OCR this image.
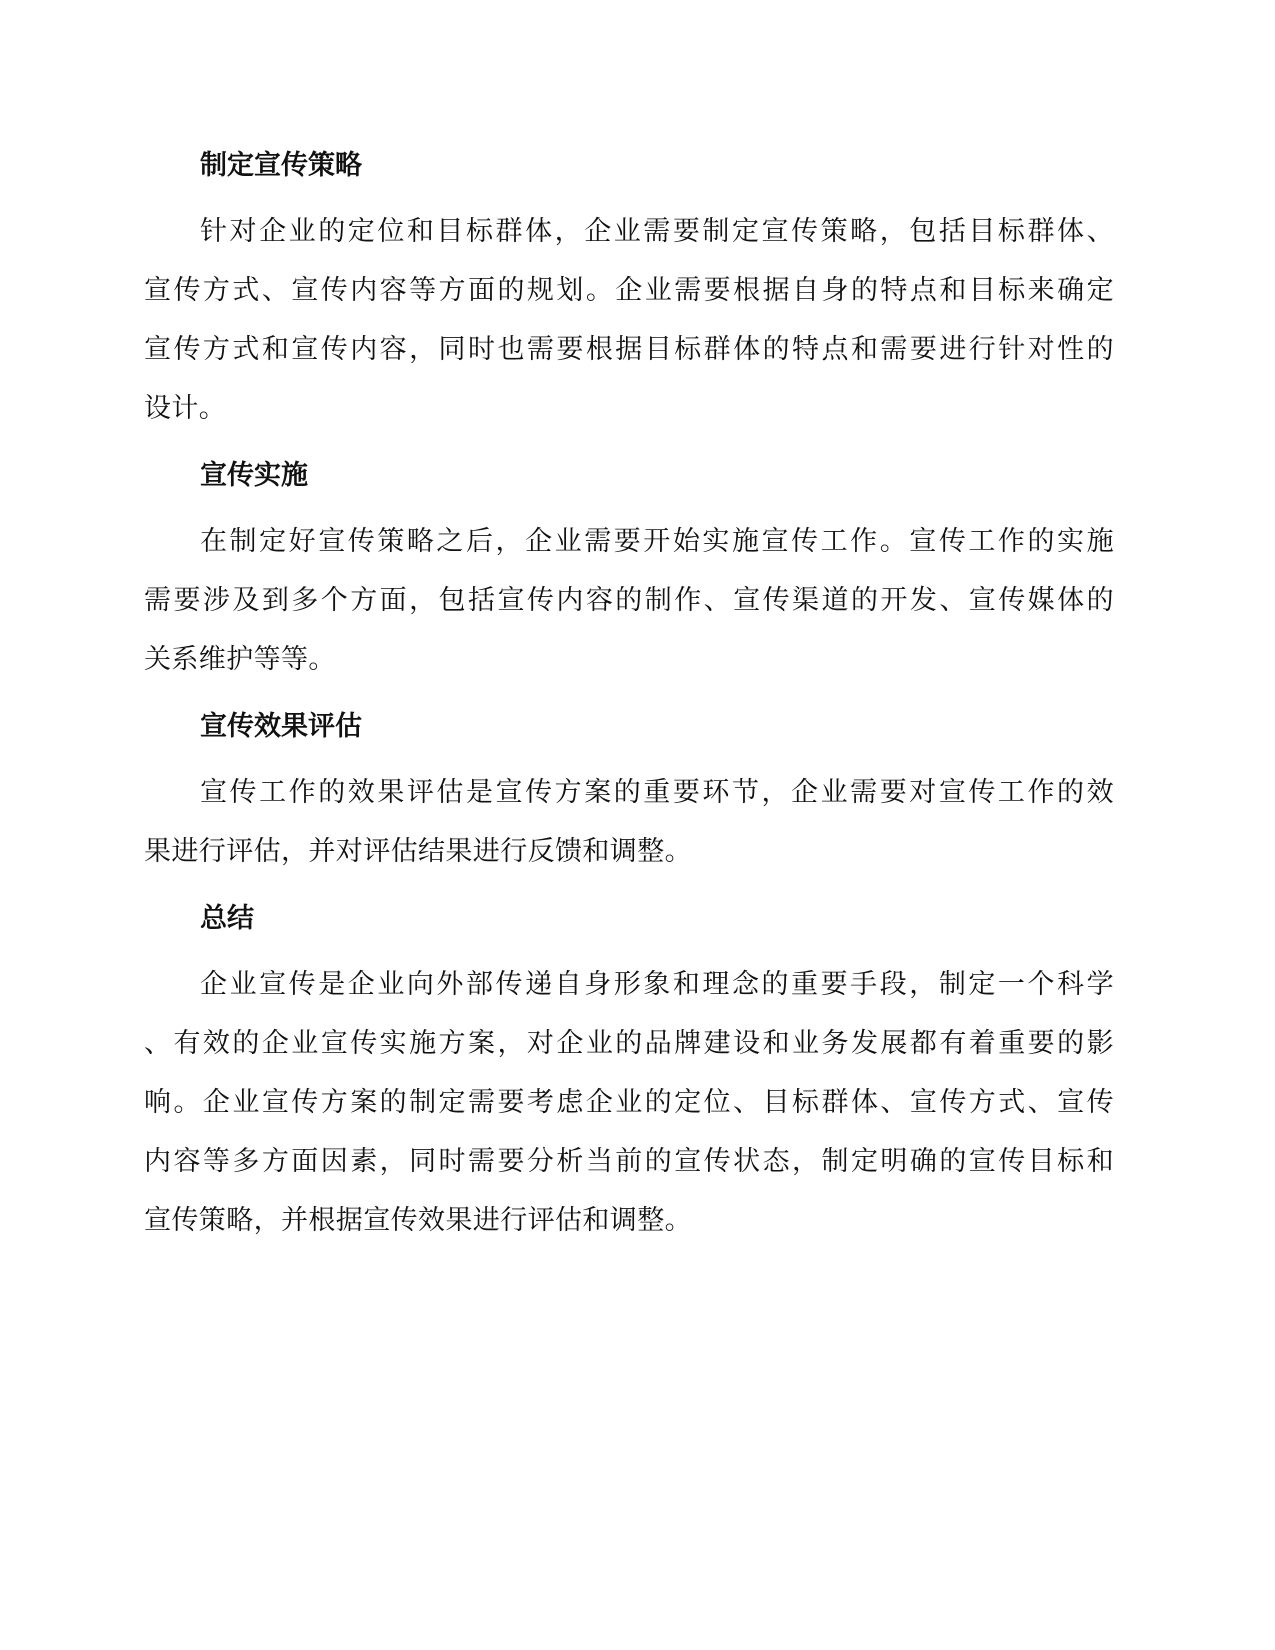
制定宣传策略
针对企业的定位和目标群体，企业需要制定宣传策略，包括目标群体、
宣传方式、宣传内容等方面的规划。企业需要根据自身的特点和目标来确定
宣传方式和宣传内容，同时也需要根据目标群体的特点和需要进行针对性的
设计。
宣传实施
在制定好宣传策略之后，企业需要开始实施宣传工作。宣传工作的实施
需要涉及到多个方面，包括宣传内容的制作、宣传渠道的开发、宣传媒体的
关系维护等等。
宣传效果评估
宣传工作的效果评估是宣传方案的重要环节，企业需要对宣传工作的效
果进行评估，并对评估结果进行反馈和调整。
总结
企业宣传是企业向外部传递自身形象和理念的重要手段，制定一个科学
、有效的企业宣传实施方案，对企业的品牌建设和业务发展都有着重要的影
响。企业宣传方案的制定需要考虑企业的定位、目标群体、宣传方式、宣传
内容等多方面因素，同时需要分析当前的宣传状态，制定明确的宣传目标和
宣传策略，并根据宣传效果进行评估和调整。
